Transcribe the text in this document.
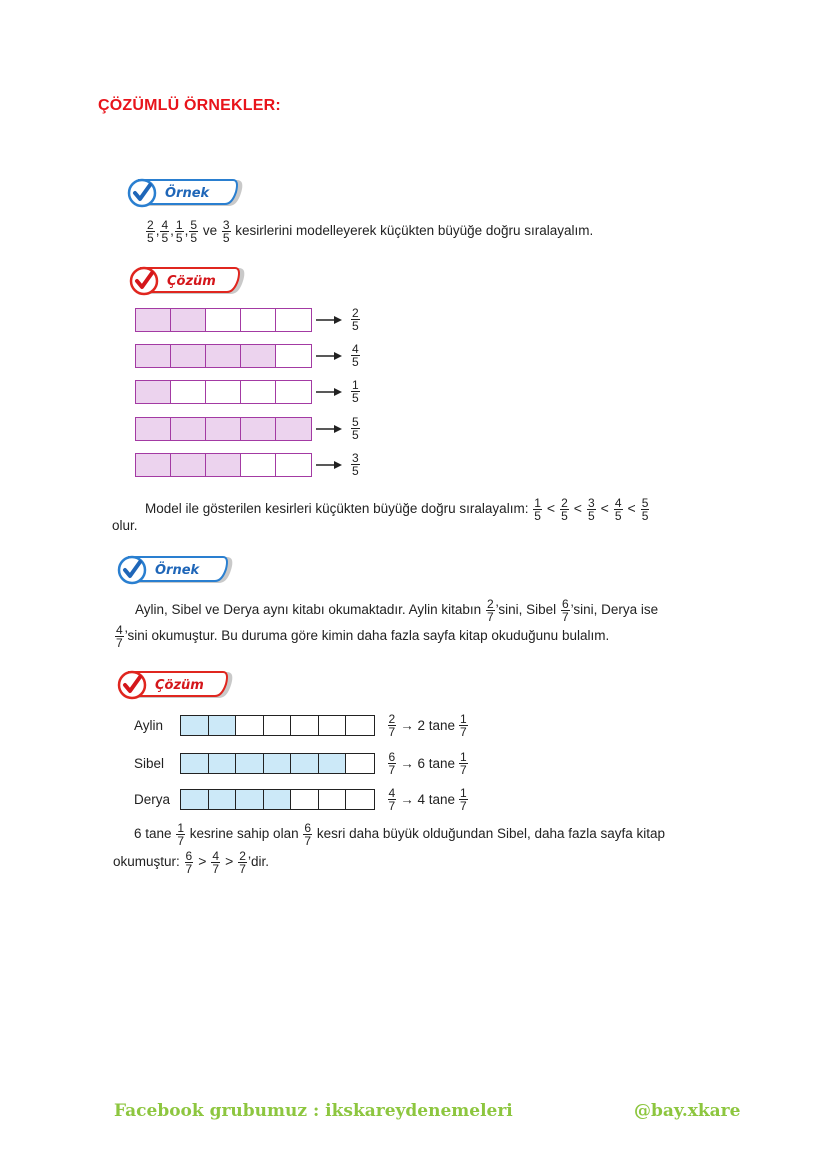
ÇÖZÜMLÜ ÖRNEKLER:
Örnek
$\frac{2}{5}$ , $\frac{4}{5}$ , $\frac{1}{5}$ , $\frac{5}{5}$ ve $\frac{3}{5}$ kesirlerini modelleyerek küçükten büyüğe doğru sıralayalım.
Çözüm
$\frac{2}{5}$
$\frac{4}{5}$
$\frac{1}{5}$
$\frac{5}{5}$
$\frac{3}{5}$
Model ile gösterilen kesirleri küçükten büyüğe doğru sıralayalım: $\frac{1}{5} < \frac{2}{5} < \frac{3}{5} < \frac{4}{5} < \frac{5}{5}$
olur.
Örnek
Aylin, Sibel ve Derya aynı kitabı okumaktadır. Aylin kitabın $\frac{2}{7}$ ’sini, Sibel $\frac{6}{7}$ ’sini, Derya ise
$\frac{4}{7}$ ’sini okumuştur. Bu duruma göre kimin daha fazla sayfa kitap okuduğunu bulalım.
Çözüm
Aylin	$\frac{2}{7} \to 2$ tane $\frac{1}{7}$
Sibel	$\frac{6}{7} \to 6$ tane $\frac{1}{7}$
Derya	$\frac{4}{7} \to 4$ tane $\frac{1}{7}$
6 tane $\frac{1}{7}$ kesrine sahip olan $\frac{6}{7}$ kesri daha büyük olduğundan Sibel, daha fazla sayfa kitap
okumuştur: $\frac{6}{7} > \frac{4}{7} > \frac{2}{7}$ ’dir.
Facebook grubumuz : ikskareydenemeleri	@bay.xkare
